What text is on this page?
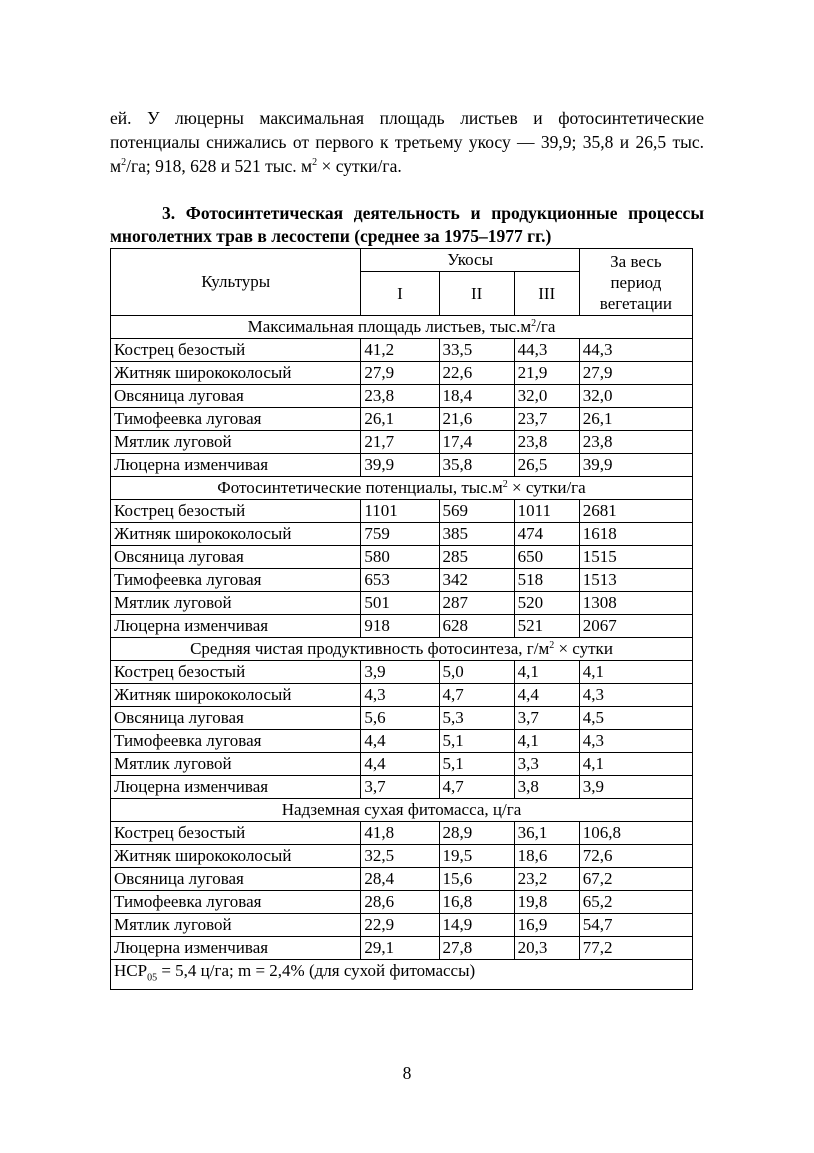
ей. У люцерны максимальная площадь листьев и фотосинтетические потенциалы снижались от первого к третьему укосу — 39,9; 35,8 и 26,5 тыс. $м^2/га$; 918, 628 и 521 тыс. $м^2$ × сутки/га.

3. Фотосинтетическая деятельность и продукционные процессы многолетних трав в лесостепи (среднее за 1975–1977 гг.)

Культуры	Укосы			За весь период вегетации
	I	II	III	
Максимальная площадь листьев, $тыс.м^2/га$				
Кострец безостый	41,2	33,5	44,3	44,3
Житняк ширококолосый	27,9	22,6	21,9	27,9
Овсяница луговая	23,8	18,4	32,0	32,0
Тимофеевка луговая	26,1	21,6	23,7	26,1
Мятлик луговой	21,7	17,4	23,8	23,8
Люцерна изменчивая	39,9	35,8	26,5	39,9
Фотосинтетические потенциалы, $тыс.м^2$ × сутки/га				
Кострец безостый	1101	569	1011	2681
Житняк ширококолосый	759	385	474	1618
Овсяница луговая	580	285	650	1515
Тимофеевка луговая	653	342	518	1513
Мятлик луговой	501	287	520	1308
Люцерна изменчивая	918	628	521	2067
Средняя чистая продуктивность фотосинтеза, $г/м^2$ × сутки				
Кострец безостый	3,9	5,0	4,1	4,1
Житняк ширококолосый	4,3	4,7	4,4	4,3
Овсяница луговая	5,6	5,3	3,7	4,5
Тимофеевка луговая	4,4	5,1	4,1	4,3
Мятлик луговой	4,4	5,1	3,3	4,1
Люцерна изменчивая	3,7	4,7	3,8	3,9
Надземная сухая фитомасса, ц/га				
Кострец безостый	41,8	28,9	36,1	106,8
Житняк ширококолосый	32,5	19,5	18,6	72,6
Овсяница луговая	28,4	15,6	23,2	67,2
Тимофеевка луговая	28,6	16,8	19,8	65,2
Мятлик луговой	22,9	14,9	16,9	54,7
Люцерна изменчивая	29,1	27,8	20,3	77,2
$НСР_{05} = 5,4$ ц/га; m = 2,4% (для сухой фитомассы)				
8
